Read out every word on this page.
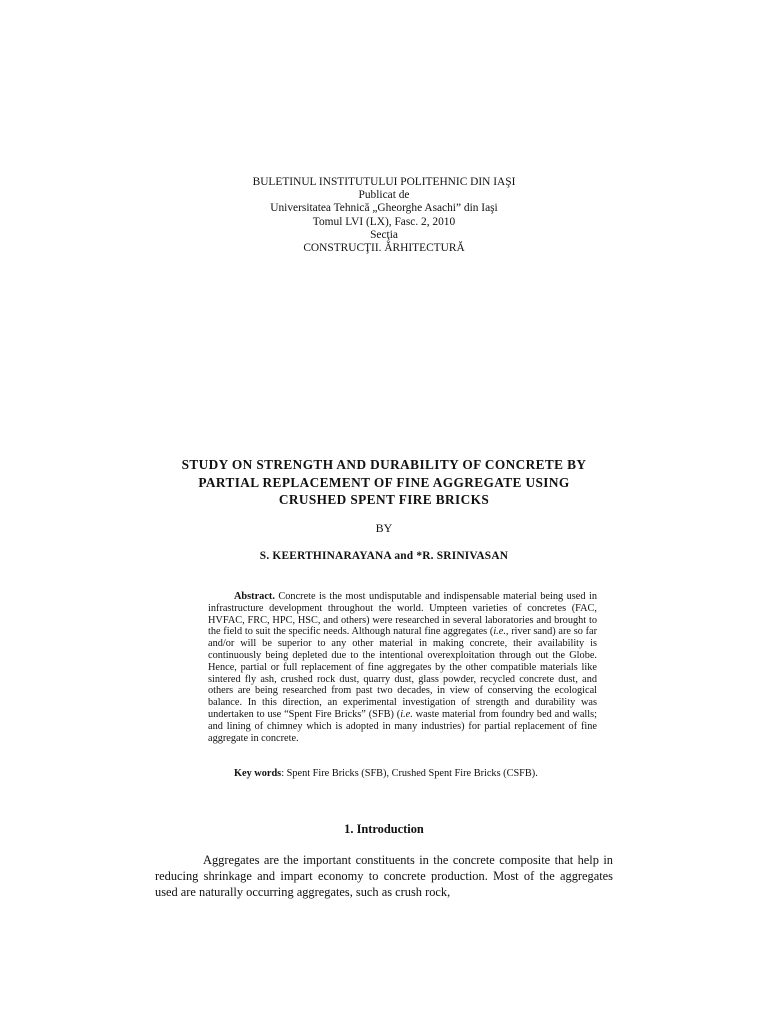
BULETINUL INSTITUTULUI POLITEHNIC DIN IAŞI
Publicat de
Universitatea Tehnică „Gheorghe Asachi” din Iaşi
Tomul LVI (LX), Fasc. 2, 2010
Secţia
CONSTRUCŢII. ĂRHITECTURĂ
STUDY ON STRENGTH AND DURABILITY OF CONCRETE BY
PARTIAL REPLACEMENT OF FINE AGGREGATE USING
CRUSHED SPENT FIRE BRICKS
BY
S. KEERTHINARAYANA and *R. SRINIVASAN

Abstract. Concrete is the most undisputable and indispensable material being used in infrastructure development throughout the world. Umpteen varieties of concretes (FAC, HVFAC, FRC, HPC, HSC, and others) were researched in several laboratories and brought to the field to suit the specific needs. Although natural fine aggregates (i.e., river sand) are so far and/or will be superior to any other material in making concrete, their availability is continuously being depleted due to the intentional overexploitation through out the Globe. Hence, partial or full replacement of fine aggregates by the other compatible materials like sintered fly ash, crushed rock dust, quarry dust, glass powder, recycled concrete dust, and others are being researched from past two decades, in view of conserving the ecological balance. In this direction, an experimental investigation of strength and durability was undertaken to use “Spent Fire Bricks” (SFB) (i.e. waste material from foundry bed and walls; and lining of chimney which is adopted in many industries) for partial replacement of fine aggregate in concrete.

Key words: Spent Fire Bricks (SFB), Crushed Spent Fire Bricks (CSFB).

1. Introduction

Aggregates are the important constituents in the concrete composite that help in reducing shrinkage and impart economy to concrete production. Most of the aggregates used are naturally occurring aggregates, such as crush rock,
